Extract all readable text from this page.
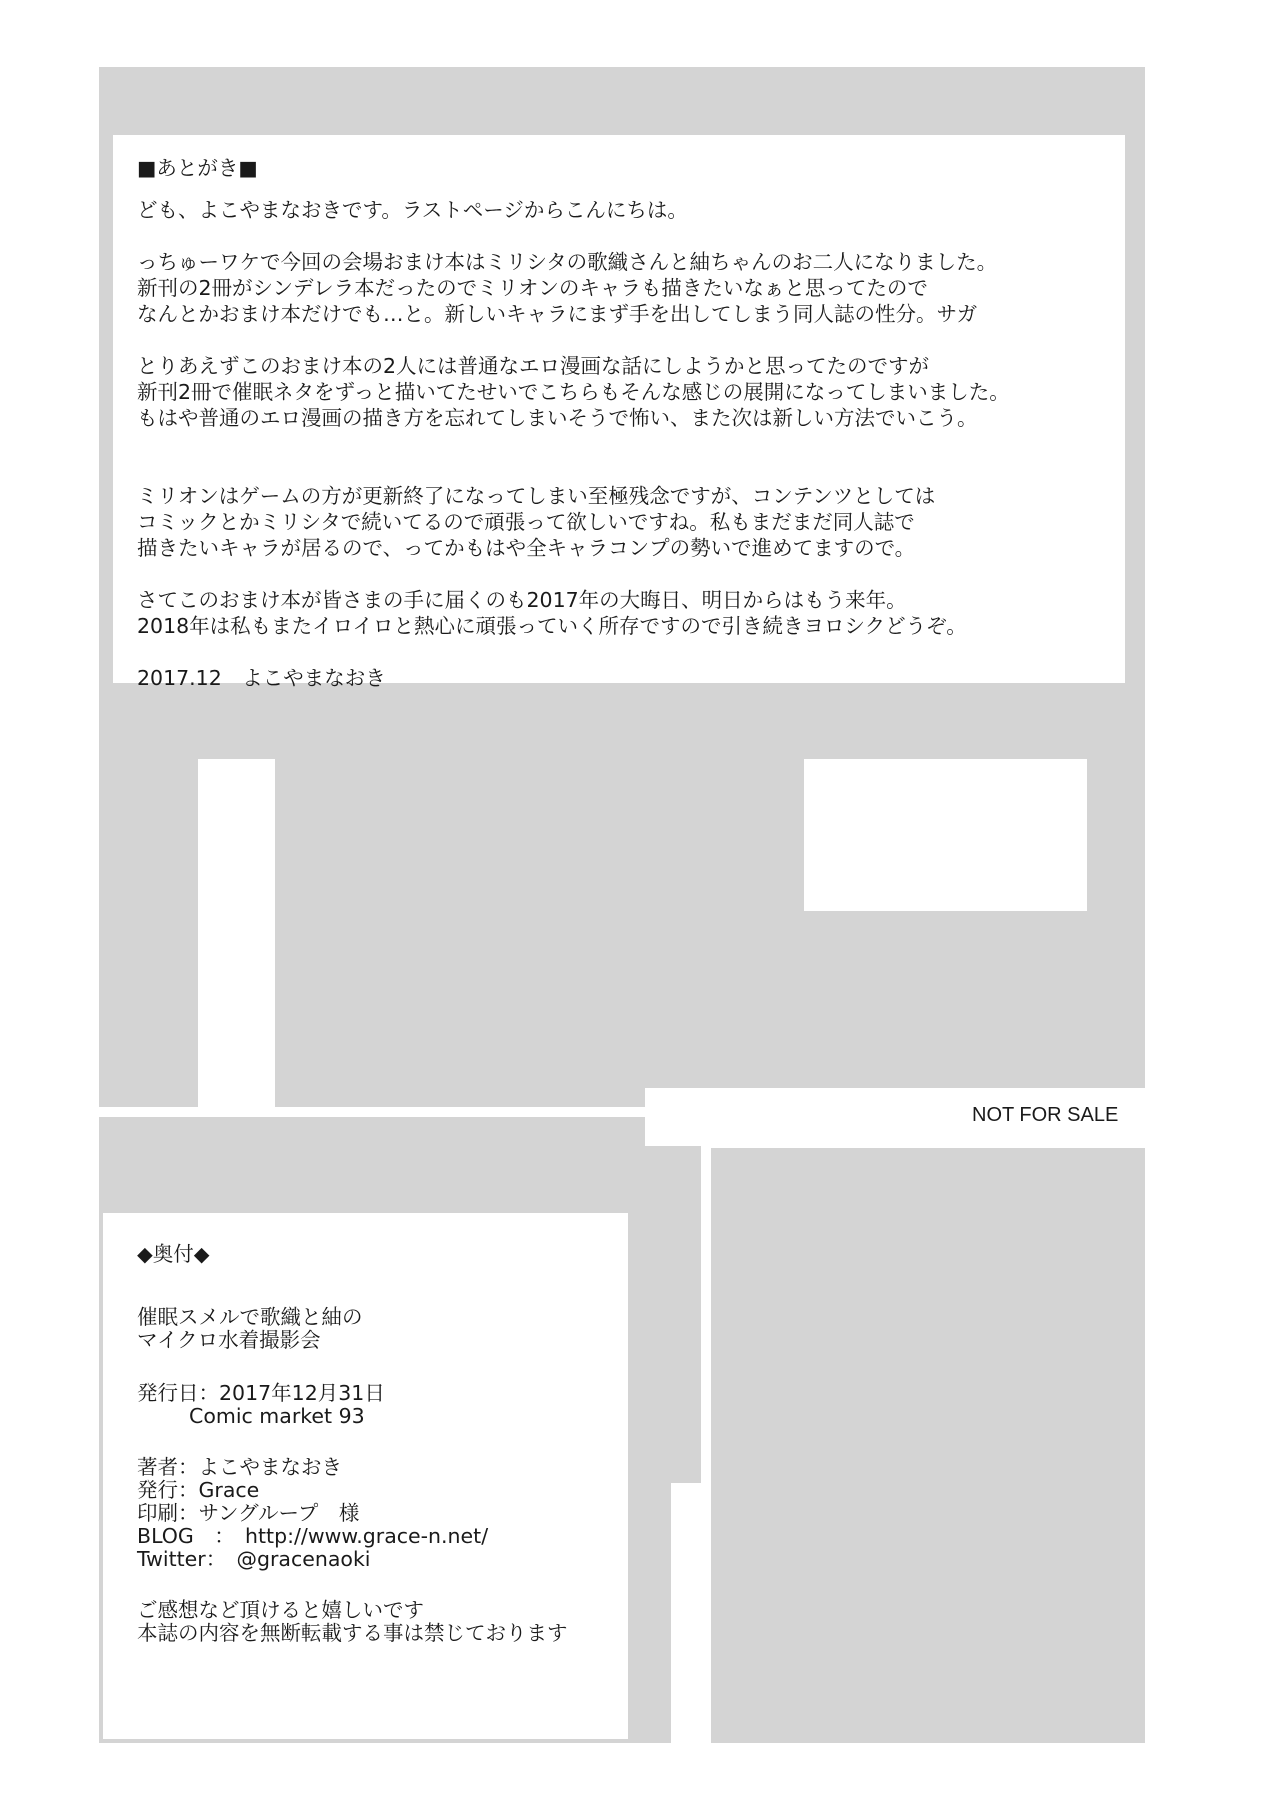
■あとがき■
ども、よこやまなおきです。ラストページからこんにちは。
っちゅーワケで今回の会場おまけ本はミリシタの歌織さんと紬ちゃんのお二人になりました。
新刊の2冊がシンデレラ本だったのでミリオンのキャラも描きたいなぁと思ってたので
なんとかおまけ本だけでも…と。新しいキャラにまず手を出してしまう同人誌の性分。サガ
とりあえずこのおまけ本の2人には普通なエロ漫画な話にしようかと思ってたのですが
新刊2冊で催眠ネタをずっと描いてたせいでこちらもそんな感じの展開になってしまいました。
もはや普通のエロ漫画の描き方を忘れてしまいそうで怖い、また次は新しい方法でいこう。
ミリオンはゲームの方が更新終了になってしまい至極残念ですが、コンテンツとしては
コミックとかミリシタで続いてるので頑張って欲しいですね。私もまだまだ同人誌で
描きたいキャラが居るので、ってかもはや全キャラコンプの勢いで進めてますので。
さてこのおまけ本が皆さまの手に届くのも2017年の大晦日、明日からはもう来年。
2018年は私もまたイロイロと熱心に頑張っていく所存ですので引き続きヨロシクどうぞ。
2017.12　よこやまなおき
NOT FOR SALE
◆奥付◆
催眠スメルで歌織と紬の
マイクロ水着撮影会
発行日：2017年12月31日
Comic market 93
著者：よこやまなおき
発行：Grace
印刷：サングループ　様
BLOG　：　http://www.grace-n.net/
Twitter：　@gracenaoki
ご感想など頂けると嬉しいです
本誌の内容を無断転載する事は禁じております
